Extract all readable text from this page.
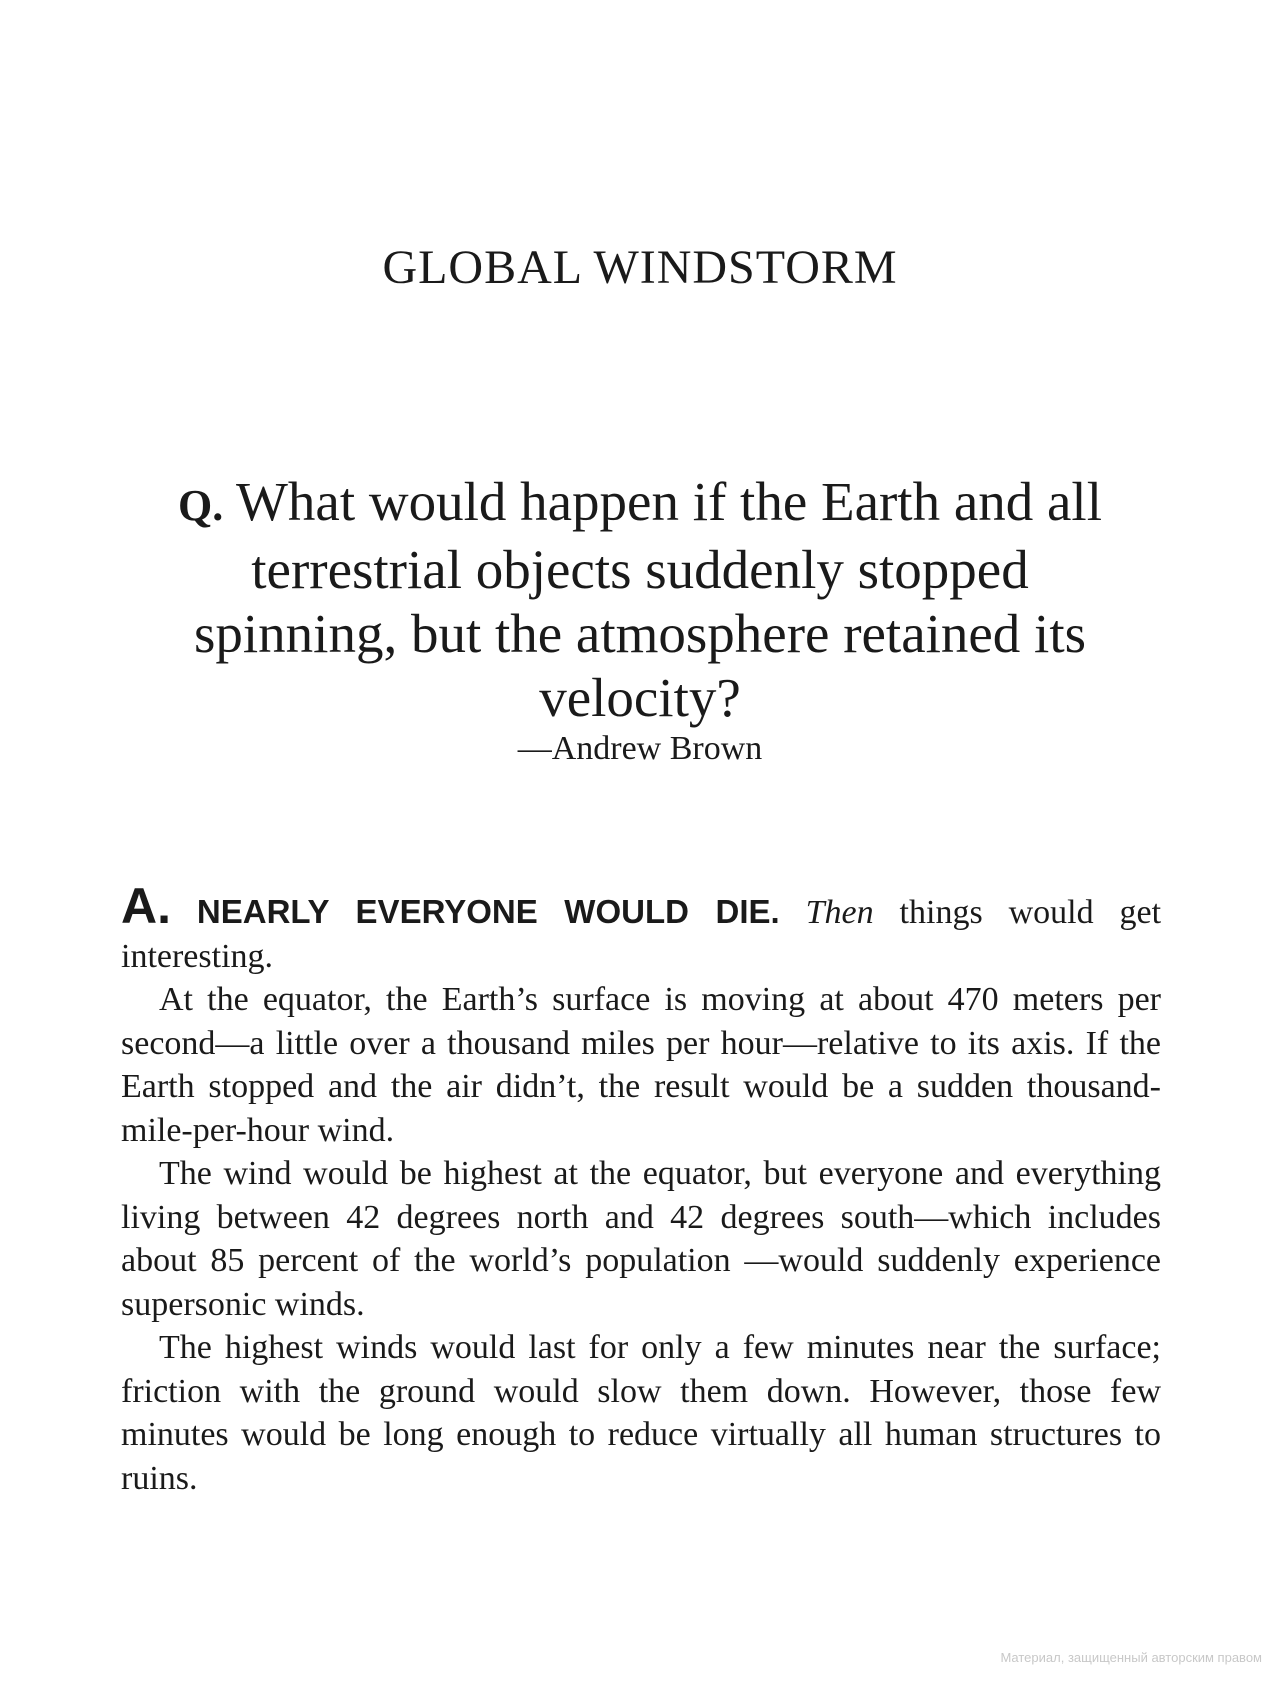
GLOBAL WINDSTORM
Q. What would happen if the Earth and all terrestrial objects suddenly stopped spinning, but the atmosphere retained its velocity?
—Andrew Brown

A. NEARLY EVERYONE WOULD DIE. Then things would get interesting.

At the equator, the Earth’s surface is moving at about 470 meters per second—a little over a thousand miles per hour—relative to its axis. If the Earth stopped and the air didn’t, the result would be a sudden thousand-mile-per-hour wind.

The wind would be highest at the equator, but everyone and everything living between 42 degrees north and 42 degrees south—which includes about 85 percent of the world’s population —would suddenly experience supersonic winds.

The highest winds would last for only a few minutes near the surface; friction with the ground would slow them down. However, those few minutes would be long enough to reduce virtually all human structures to ruins.

Материал, защищенный авторским правом
